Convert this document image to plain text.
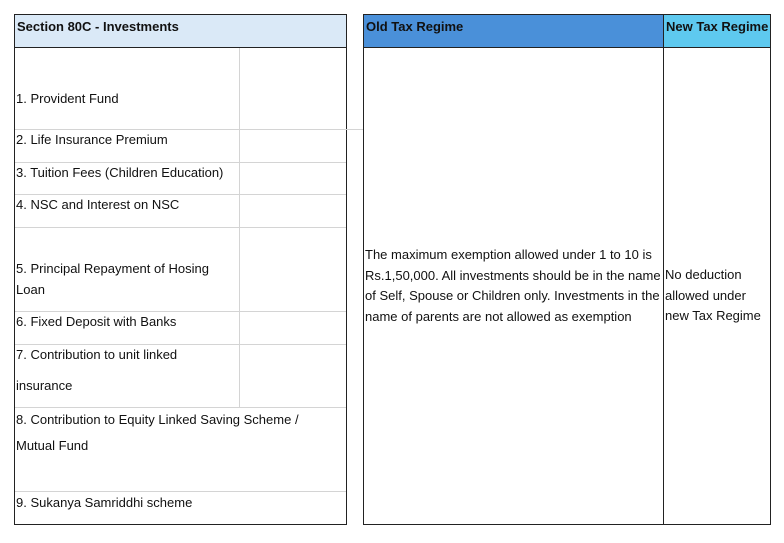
Section 80C - Investments	Old Tax Regime	New Tax Regime
1. Provident Fund
2. Life Insurance Premium
3. Tuition Fees (Children Education)
4. NSC and Interest on NSC
5. Principal Repayment of Hosing Loan
6. Fixed Deposit with Banks
7. Contribution to unit linked insurance
8. Contribution to Equity Linked Saving Scheme / Mutual Fund
9. Sukanya Samriddhi scheme
The maximum exemption allowed under 1 to 10 is Rs.1,50,000. All investments should be in the name of Self, Spouse or Children only. Investments in the name of parents are not allowed as exemption
No deduction allowed under new Tax Regime
